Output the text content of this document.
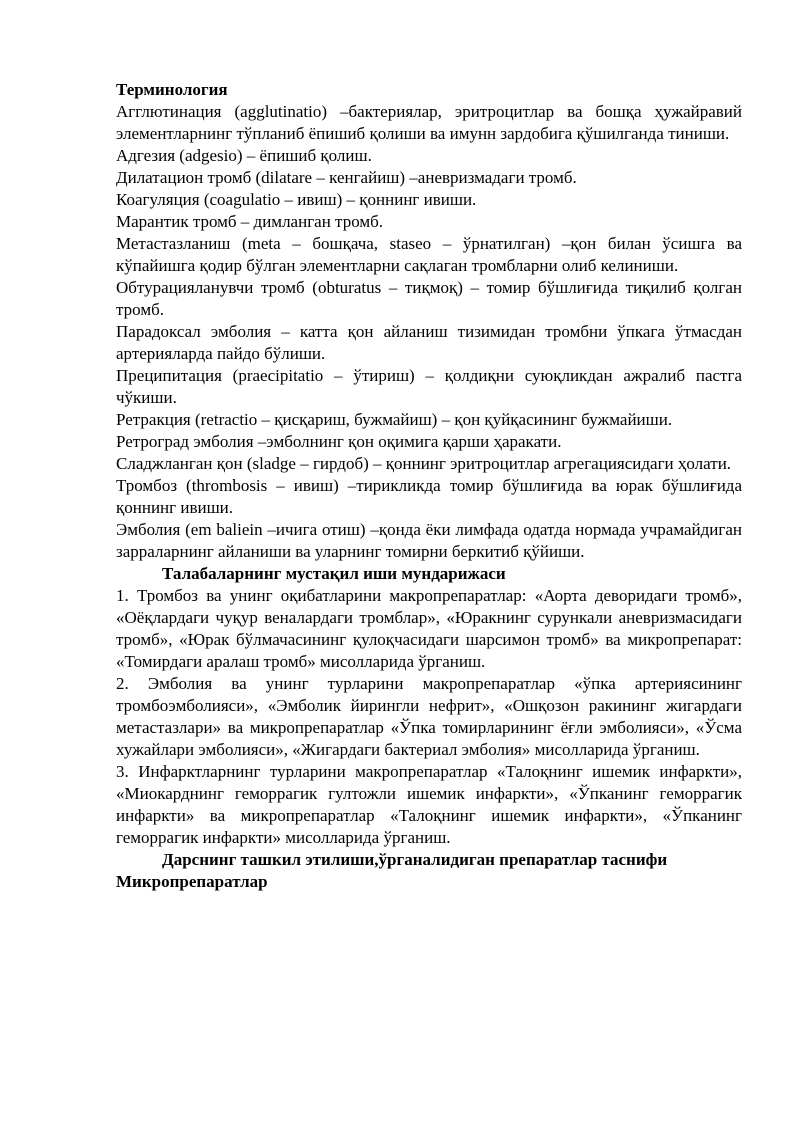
Терминология

Агглютинация (agglutinatio) –бактериялар, эритроцитлар ва бошқа ҳужайравий элементларнинг тўпланиб ёпишиб қолиши ва имунн зардобига қўшилганда тиниши.

Адгезия (adgesio) – ёпишиб қолиш.

Дилатацион тромб (dilatare – кенгайиш) –аневризмадаги тромб.

Коагуляция (coagulatio – ивиш) – қоннинг ивиши.

Марантик тромб – димланган тромб.

Метастазланиш (meta – бошқача, staseo – ўрнатилган) –қон билан ўсишга ва кўпайишга қодир бўлган элементларни сақлаган тромбларни олиб келиниши.

Обтурацияланувчи тромб (obturatus – тиқмоқ) – томир бўшлиғида тиқилиб қолган тромб.

Парадоксал эмболия – катта қон айланиш тизимидан тромбни ўпкага ўтмасдан артерияларда пайдо бўлиши.

Преципитация (praecipitatio – ўтириш) – қолдиқни суюқликдан ажралиб пастга чўкиши.

Ретракция (retractio – қисқариш, бужмайиш) – қон қуйқасининг бужмайиши.

Ретроград эмболия –эмболнинг қон оқимига қарши ҳаракати.

Сладжланган қон (sladge – гирдоб) – қоннинг эритроцитлар агрегациясидаги ҳолати.

Тромбоз (thrombosis – ивиш) –тирикликда томир бўшлиғида ва юрак бўшлиғида қоннинг ивиши.

Эмболия (em balіein –ичига отиш) –қонда ёки лимфада одатда нормада учрамайдиган зарраларнинг айланиши ва уларнинг томирни беркитиб қўйиши.

Талабаларнинг мустақил иши мундарижаси

1. Тромбоз ва унинг оқибатларини макропрепаратлар: «Аорта деворидаги тромб», «Оёқлардаги чуқур веналардаги тромблар», «Юракнинг сурункали аневризмасидаги тромб», «Юрак бўлмачасининг қулоқчасидаги шарсимон тромб» ва микропрепарат: «Томирдаги аралаш тромб» мисолларида ўрганиш.

2. Эмболия ва унинг турларини макропрепаратлар «ўпка артериясининг тромбоэмболияси», «Эмболик йирингли нефрит», «Ошқозон ракининг жигардаги метастазлари» ва микропрепаратлар «Ўпка томирларининг ёғли эмболияси», «Ўсма хужайлари эмболияси», «Жигардаги бактериал эмболия» мисолларида ўрганиш.

3. Инфарктларнинг турларини макропрепаратлар «Талоқнинг ишемик инфаркти», «Миокарднинг геморрагик гултожли ишемик инфаркти», «Ўпканинг геморрагик инфаркти» ва микропрепаратлар «Талоқнинг ишемик инфаркти», «Ўпканинг геморрагик инфаркти» мисолларида ўрганиш.

Дарснинг ташкил этилиши,ўрганалидиган препаратлар таснифи

Микропрепаратлар
